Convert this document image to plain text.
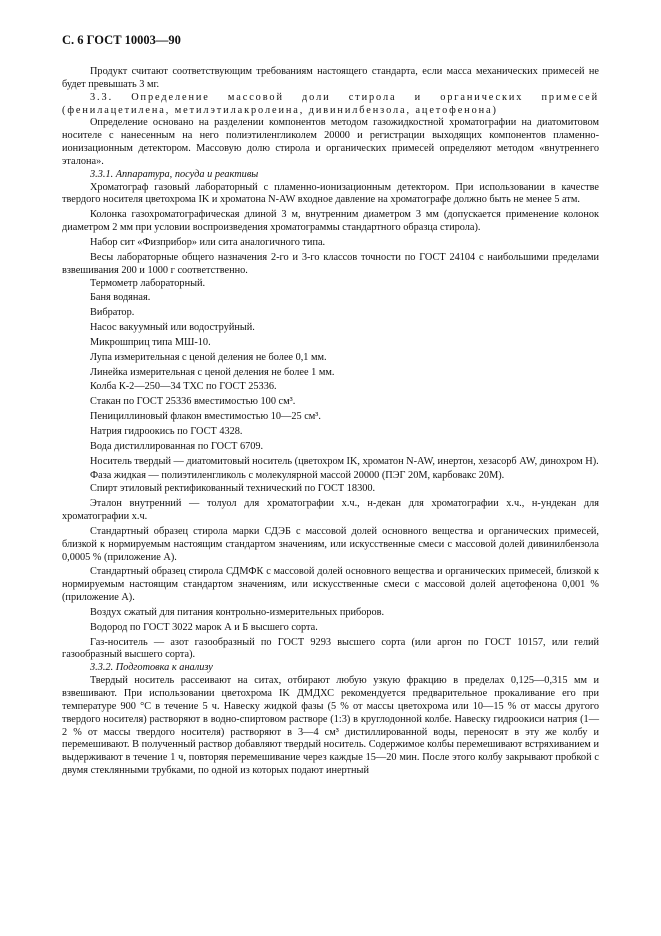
С. 6 ГОСТ 10003—90

Продукт считают соответствующим требованиям настоящего стандарта, если масса механических примесей не будет превышать 3 мг.

3.3. Определение массовой доли стирола и органических примесей (фенилацетилена, метилэтилакролеина, дивинилбензола, ацетофенона)

Определение основано на разделении компонентов методом газожидкостной хроматографии на диатомитовом носителе с нанесенным на него полиэтиленгликолем 20000 и регистрации выходящих компонентов пламенно-ионизационным детектором. Массовую долю стирола и органических примесей определяют методом «внутреннего эталона».

3.3.1. Аппаратура, посуда и реактивы

Хроматограф газовый лабораторный с пламенно-ионизационным детектором. При использовании в качестве твердого носителя цветохрома IK и хроматона N-AW входное давление на хроматографе должно быть не менее 5 атм.

Колонка газохроматографическая длиной 3 м, внутренним диаметром 3 мм (допускается применение колонок диаметром 2 мм при условии воспроизведения хроматограммы стандартного образца стирола).

Набор сит «Физприбор» или сита аналогичного типа.

Весы лабораторные общего назначения 2-го и 3-го классов точности по ГОСТ 24104 с наибольшими пределами взвешивания 200 и 1000 г соответственно.

Термометр лабораторный.

Баня водяная.

Вибратор.

Насос вакуумный или водоструйный.

Микрошприц типа МШ-10.

Лупа измерительная с ценой деления не более 0,1 мм.

Линейка измерительная с ценой деления не более 1 мм.

Колба К-2—250—34 ТХС по ГОСТ 25336.

Стакан по ГОСТ 25336 вместимостью 100 см³.

Пенициллиновый флакон вместимостью 10—25 см³.

Натрия гидроокись по ГОСТ 4328.

Вода дистиллированная по ГОСТ 6709.

Носитель твердый — диатомитовый носитель (цветохром IK, хроматон N-AW, инертон, хезасорб AW, динохром Н).

Фаза жидкая — полиэтиленгликоль с молекулярной массой 20000 (ПЭГ 20М, карбовакс 20М).

Спирт этиловый ректификованный технический по ГОСТ 18300.

Эталон внутренний — толуол для хроматографии х.ч., н-декан для хроматографии х.ч., н-ундекан для хроматографии х.ч.

Стандартный образец стирола марки СДЭБ с массовой долей основного вещества и органических примесей, близкой к нормируемым настоящим стандартом значениям, или искусственные смеси с массовой долей дивинилбензола 0,0005 % (приложение А).

Стандартный образец стирола СДМФК с массовой долей основного вещества и органических примесей, близкой к нормируемым настоящим стандартом значениям, или искусственные смеси с массовой долей ацетофенона 0,001 % (приложение А).

Воздух сжатый для питания контрольно-измерительных приборов.

Водород по ГОСТ 3022 марок А и Б высшего сорта.

Газ-носитель — азот газообразный по ГОСТ 9293 высшего сорта (или аргон по ГОСТ 10157, или гелий газообразный высшего сорта).

3.3.2. Подготовка к анализу

Твердый носитель рассеивают на ситах, отбирают любую узкую фракцию в пределах 0,125—0,315 мм и взвешивают. При использовании цветохрома IK ДМДХС рекомендуется предварительное прокаливание его при температуре 900 °C в течение 5 ч. Навеску жидкой фазы (5 % от массы цветохрома или 10—15 % от массы другого твердого носителя) растворяют в водно-спиртовом растворе (1:3) в круглодонной колбе. Навеску гидроокиси натрия (1—2 % от массы твердого носителя) растворяют в 3—4 см³ дистиллированной воды, переносят в эту же колбу и перемешивают. В полученный раствор добавляют твердый носитель. Содержимое колбы перемешивают встряхиванием и выдерживают в течение 1 ч, повторяя перемешивание через каждые 15—20 мин. После этого колбу закрывают пробкой с двумя стеклянными трубками, по одной из которых подают инертный
